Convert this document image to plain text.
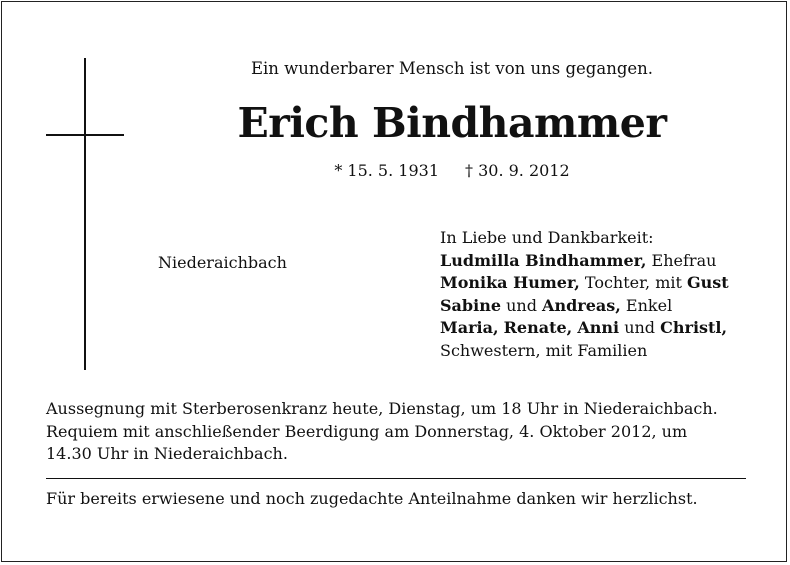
Ein wunderbarer Mensch ist von uns gegangen.
Erich Bindhammer
* 15. 5. 1931 † 30. 9. 2012
Niederaichbach
In Liebe und Dankbarkeit:
Ludmilla Bindhammer, Ehefrau
Monika Humer, Tochter, mit Gust
Sabine und Andreas, Enkel
Maria, Renate, Anni und Christl,
Schwestern, mit Familien
Aussegnung mit Sterberosenkranz heute, Dienstag, um 18 Uhr in Niederaichbach.
Requiem mit anschließender Beerdigung am Donnerstag, 4. Oktober 2012, um
14.30 Uhr in Niederaichbach.
Für bereits erwiesene und noch zugedachte Anteilnahme danken wir herzlichst.
